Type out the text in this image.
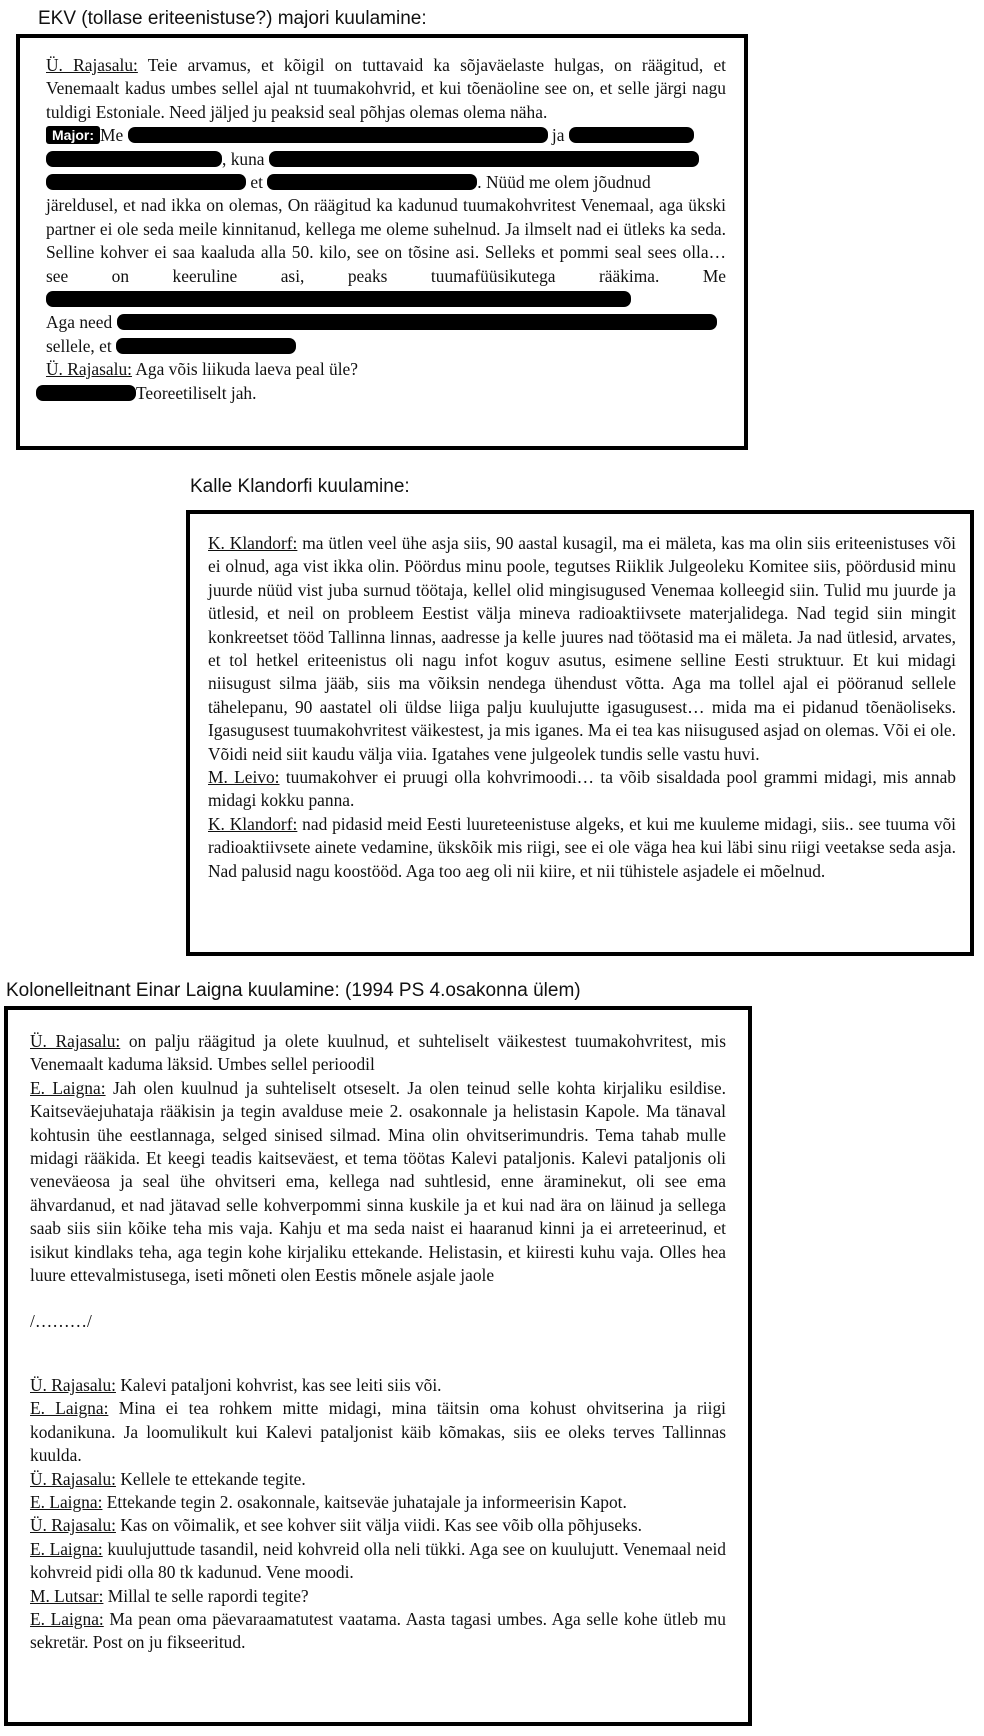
EKV (tollase eriteenistuse?) majori kuulamine:

Ü. Rajasalu: Teie arvamus, et kõigil on tuttavaid ka sõjaväelaste hulgas, on räägitud, et Venemaalt kadus umbes sellel ajal nt tuumakohvrid, et kui tõenäoline see on, et selle järgi nagu tuldigi Estoniale. Need jäljed ju peaksid seal põhjas olemas olema näha.

Major: Me	ja

, kuna

et	. Nüüd me olem jõudnud

järeldusel, et nad ikka on olemas, On räägitud ka kadunud tuumakohvritest Venemaal, aga ükski partner ei ole seda meile kinnitanud, kellega me oleme suhelnud. Ja ilmselt nad ei ütleks ka seda. Selline kohver ei saa kaaluda alla 50. kilo, see on tõsine asi. Selleks et pommi seal sees olla… see on keeruline asi, peaks tuumafüüsikutega rääkima. Me

Aga need

sellele, et

Ü. Rajasalu: Aga võis liikuda laeva peal üle?

Teoreetiliselt jah.

Kalle Klandorfi kuulamine:

K. Klandorf: ma ütlen veel ühe asja siis, 90 aastal kusagil, ma ei mäleta, kas ma olin siis eriteenistuses või ei olnud, aga vist ikka olin. Pöördus minu poole, tegutses Riiklik Julgeoleku Komitee siis, pöördusid minu juurde nüüd vist juba surnud töötaja, kellel olid mingisugused Venemaa kolleegid siin. Tulid mu juurde ja ütlesid, et neil on probleem Eestist välja mineva radioaktiivsete materjalidega. Nad tegid siin mingit konkreetset tööd Tallinna linnas, aadresse ja kelle juures nad töötasid ma ei mäleta. Ja nad ütlesid, arvates, et tol hetkel eriteenistus oli nagu infot koguv asutus, esimene selline Eesti struktuur. Et kui midagi niisugust silma jääb, siis ma võiksin nendega ühendust võtta. Aga ma tollel ajal ei pööranud sellele tähelepanu, 90 aastatel oli üldse liiga palju kuulujutte igasugusest… mida ma ei pidanud tõenäoliseks. Igasugusest tuumakohvritest väikestest, ja mis iganes. Ma ei tea kas niisugused asjad on olemas. Või ei ole. Võidi neid siit kaudu välja viia. Igatahes vene julgeolek tundis selle vastu huvi.

M. Leivo: tuumakohver ei pruugi olla kohvrimoodi… ta võib sisaldada pool grammi midagi, mis annab midagi kokku panna.

K. Klandorf: nad pidasid meid Eesti luureteenistuse algeks, et kui me kuuleme midagi, siis.. see tuuma või radioaktiivsete ainete vedamine, ükskõik mis riigi, see ei ole väga hea kui läbi sinu riigi veetakse seda asja. Nad palusid nagu koostööd. Aga too aeg oli nii kiire, et nii tühistele asjadele ei mõelnud.

Kolonelleitnant Einar Laigna kuulamine: (1994 PS 4.osakonna ülem)

Ü. Rajasalu: on palju räägitud ja olete kuulnud, et suhteliselt väikestest tuumakohvritest, mis Venemaalt kaduma läksid. Umbes sellel perioodil

E. Laigna: Jah olen kuulnud ja suhteliselt otseselt. Ja olen teinud selle kohta kirjaliku esildise. Kaitseväejuhataja rääkisin ja tegin avalduse meie 2. osakonnale ja helistasin Kapole. Ma tänaval kohtusin ühe eestlannaga, selged sinised silmad. Mina olin ohvitserimundris. Tema tahab mulle midagi rääkida. Et keegi teadis kaitseväest, et tema töötas Kalevi pataljonis. Kalevi pataljonis oli veneväeosa ja seal ühe ohvitseri ema, kellega nad suhtlesid, enne äraminekut, oli see ema ähvardanud, et nad jätavad selle kohverpommi sinna kuskile ja et kui nad ära on läinud ja sellega saab siis siin kõike teha mis vaja. Kahju et ma seda naist ei haaranud kinni ja ei arreteerinud, et isikut kindlaks teha, aga tegin kohe kirjaliku ettekande. Helistasin, et kiiresti kuhu vaja. Olles hea luure ettevalmistusega, iseti mõneti olen Eestis mõnele asjale jaole

/………/

Ü. Rajasalu: Kalevi pataljoni kohvrist, kas see leiti siis või.

E. Laigna: Mina ei tea rohkem mitte midagi, mina täitsin oma kohust ohvitserina ja riigi kodanikuna. Ja loomulikult kui Kalevi pataljonist käib kõmakas, siis ee oleks terves Tallinnas kuulda.

Ü. Rajasalu: Kellele te ettekande tegite.

E. Laigna: Ettekande tegin 2. osakonnale, kaitseväe juhatajale ja informeerisin Kapot.

Ü. Rajasalu: Kas on võimalik, et see kohver siit välja viidi. Kas see võib olla põhjuseks.

E. Laigna: kuulujuttude tasandil, neid kohvreid olla neli tükki. Aga see on kuulujutt. Venemaal neid kohvreid pidi olla 80 tk kadunud. Vene moodi.

M. Lutsar: Millal te selle rapordi tegite?

E. Laigna: Ma pean oma päevaraamatutest vaatama. Aasta tagasi umbes. Aga selle kohe ütleb mu sekretär. Post on ju fikseeritud.
